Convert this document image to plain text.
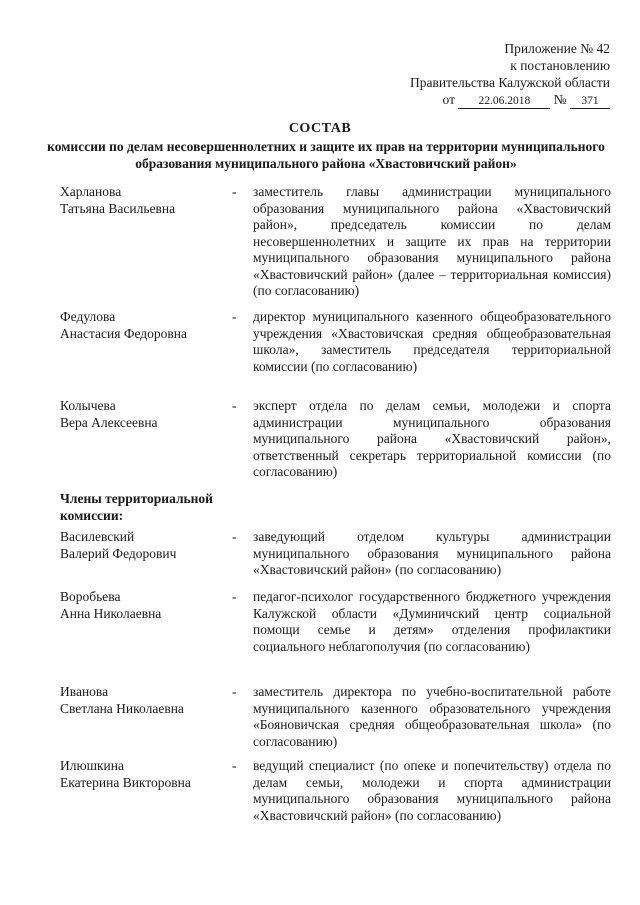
Приложение № 42
к постановлению
Правительства Калужской области
от 22.06.2018 № 371
СОСТАВ
комиссии по делам несовершеннолетних и защите их прав на территории муниципального образования муниципального района «Хвастовичский район»
Харланова
Татьяна Васильевна
- заместитель главы администрации муниципального образования муниципального района «Хвастовичский район», председатель комиссии по делам несовершеннолетних и защите их прав на территории муниципального образования муниципального района «Хвастовичский район» (далее – территориальная комиссия) (по согласованию)
Федулова
Анастасия Федоровна
- директор муниципального казенного общеобразовательного учреждения «Хвастовичская средняя общеобразовательная школа», заместитель председателя территориальной комиссии (по согласованию)
Колычева
Вера Алексеевна
- эксперт отдела по делам семьи, молодежи и спорта администрации муниципального образования муниципального района «Хвастовичский район», ответственный секретарь территориальной комиссии (по согласованию)
Члены территориальной комиссии:
Василевский
Валерий Федорович
- заведующий отделом культуры администрации муниципального образования муниципального района «Хвастовичский район» (по согласованию)
Воробьева
Анна Николаевна
- педагог-психолог государственного бюджетного учреждения Калужской области «Думиничский центр социальной помощи семье и детям» отделения профилактики социального неблагополучия (по согласованию)
Иванова
Светлана Николаевна
- заместитель директора по учебно-воспитательной работе муниципального казенного образовательного учреждения «Бояновичская средняя общеобразовательная школа» (по согласованию)
Илюшкина
Екатерина Викторовна
- ведущий специалист (по опеке и попечительству) отдела по делам семьи, молодежи и спорта администрации муниципального образования муниципального района «Хвастовичский район» (по согласованию)
